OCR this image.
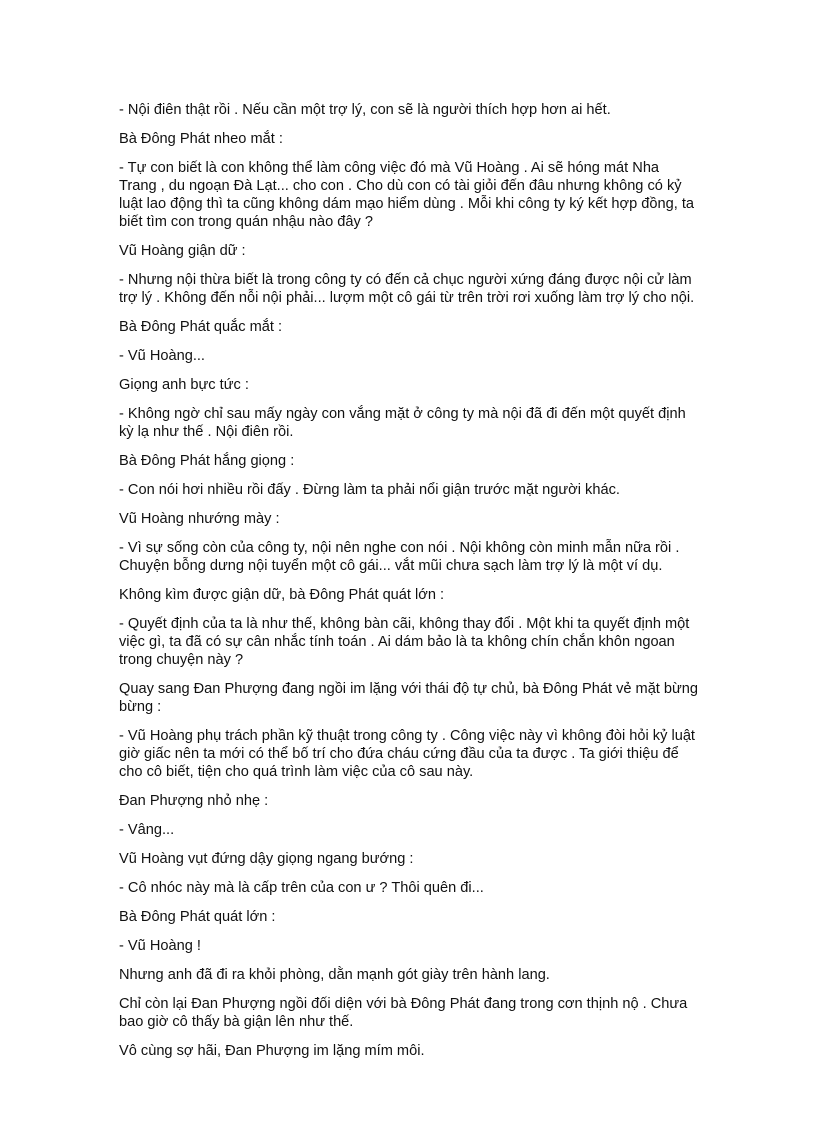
- Nội điên thật rồi . Nếu cần một trợ lý, con sẽ là người thích hợp hơn ai hết.

Bà Đông Phát nheo mắt :

- Tự con biết là con không thể làm công việc đó mà Vũ Hoàng . Ai sẽ hóng mát Nha Trang , du ngoạn Đà Lạt... cho con . Cho dù con có tài giỏi đến đâu nhưng không có kỷ luật lao động thì ta cũng không dám mạo hiểm dùng . Mỗi khi công ty ký kết hợp đồng, ta biết tìm con trong quán nhậu nào đây ?

Vũ Hoàng giận dữ :

- Nhưng nội thừa biết là trong công ty có đến cả chục người xứng đáng được nội cử làm trợ lý . Không đến nỗi nội phải... lượm một cô gái từ trên trời rơi xuống làm trợ lý cho nội.

Bà Đông Phát quắc mắt :

- Vũ Hoàng...

Giọng anh bực tức :

- Không ngờ chỉ sau mấy ngày con vắng mặt ở công ty mà nội đã đi đến một quyết định kỳ lạ như thế . Nội điên rồi.

Bà Đông Phát hắng giọng :

- Con nói hơi nhiều rồi đấy . Đừng làm ta phải nổi giận trước mặt người khác.

Vũ Hoàng nhướng mày :

- Vì sự sống còn của công ty, nội nên nghe con nói . Nội không còn minh mẫn nữa rồi . Chuyện bỗng dưng nội tuyển một cô gái... vắt mũi chưa sạch làm trợ lý là một ví dụ.

Không kìm được giận dữ, bà Đông Phát quát lớn :

- Quyết định của ta là như thế, không bàn cãi, không thay đổi . Một khi ta quyết định một việc gì, ta đã có sự cân nhắc tính toán . Ai dám bảo là ta không chín chắn khôn ngoan trong chuyện này ?

Quay sang Đan Phượng đang ngồi im lặng với thái độ tự chủ, bà Đông Phát vẻ mặt bừng bừng :

- Vũ Hoàng phụ trách phần kỹ thuật trong công ty . Công việc này vì không đòi hỏi kỷ luật giờ giấc nên ta mới có thể bố trí cho đứa cháu cứng đầu của ta được . Ta giới thiệu để cho cô biết, tiện cho quá trình làm việc của cô sau này.

Đan Phượng nhỏ nhẹ :

- Vâng...

Vũ Hoàng vụt đứng dậy giọng ngang bướng :

- Cô nhóc này mà là cấp trên của con ư ? Thôi quên đi...

Bà Đông Phát quát lớn :

- Vũ Hoàng !

Nhưng anh đã đi ra khỏi phòng, dằn mạnh gót giày trên hành lang.

Chỉ còn lại Đan Phượng ngồi đối diện với bà Đông Phát đang trong cơn thịnh nộ . Chưa bao giờ cô thấy bà giận lên như thế.

Vô cùng sợ hãi, Đan Phượng im lặng mím môi.
